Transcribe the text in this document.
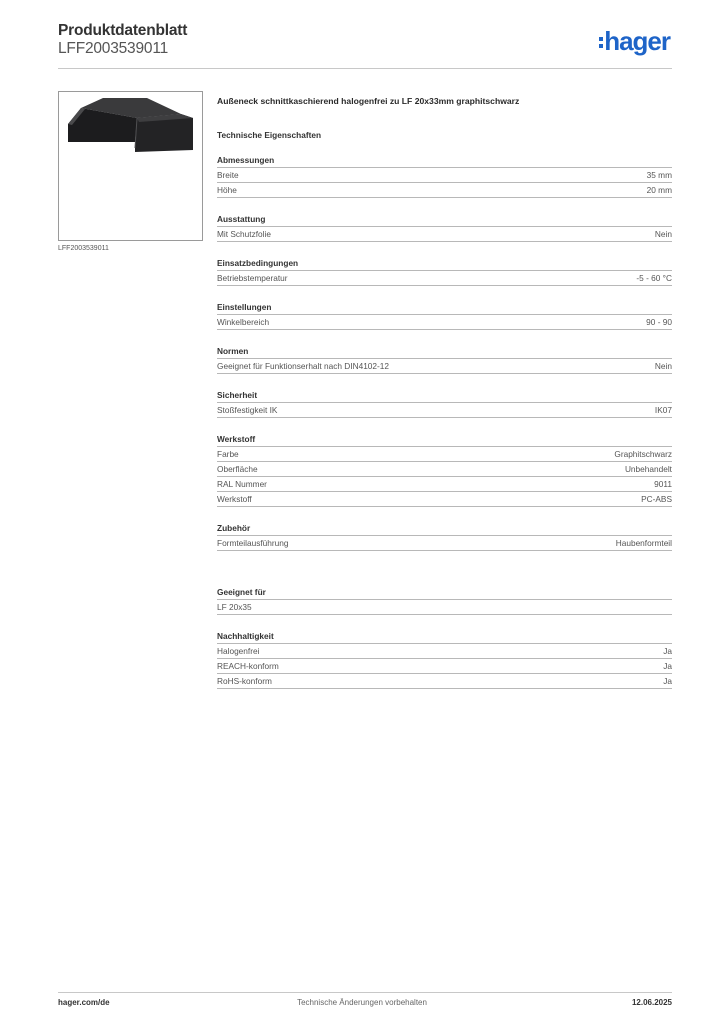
Produktdatenblatt
LFF2003539011	hager
LFF2003539011
Außeneck schnittkaschierend halogenfrei zu LF 20x33mm graphitschwarz
Technische Eigenschaften
Abmessungen
Breite	35 mm
Höhe	20 mm
Ausstattung
Mit Schutzfolie	Nein
Einsatzbedingungen
Betriebstemperatur	-5 - 60 °C
Einstellungen
Winkelbereich	90 - 90
Normen
Geeignet für Funktionserhalt nach DIN4102-12	Nein
Sicherheit
Stoßfestigkeit IK	IK07
Werkstoff
Farbe	Graphitschwarz
Oberfläche	Unbehandelt
RAL Nummer	9011
Werkstoff	PC-ABS
Zubehör
Formteilausführung	Haubenformteil
Geeignet für
LF 20x35
Nachhaltigkeit
Halogenfrei	Ja
REACH-konform	Ja
RoHS-konform	Ja
hager.com/de	Technische Änderungen vorbehalten	12.06.2025
